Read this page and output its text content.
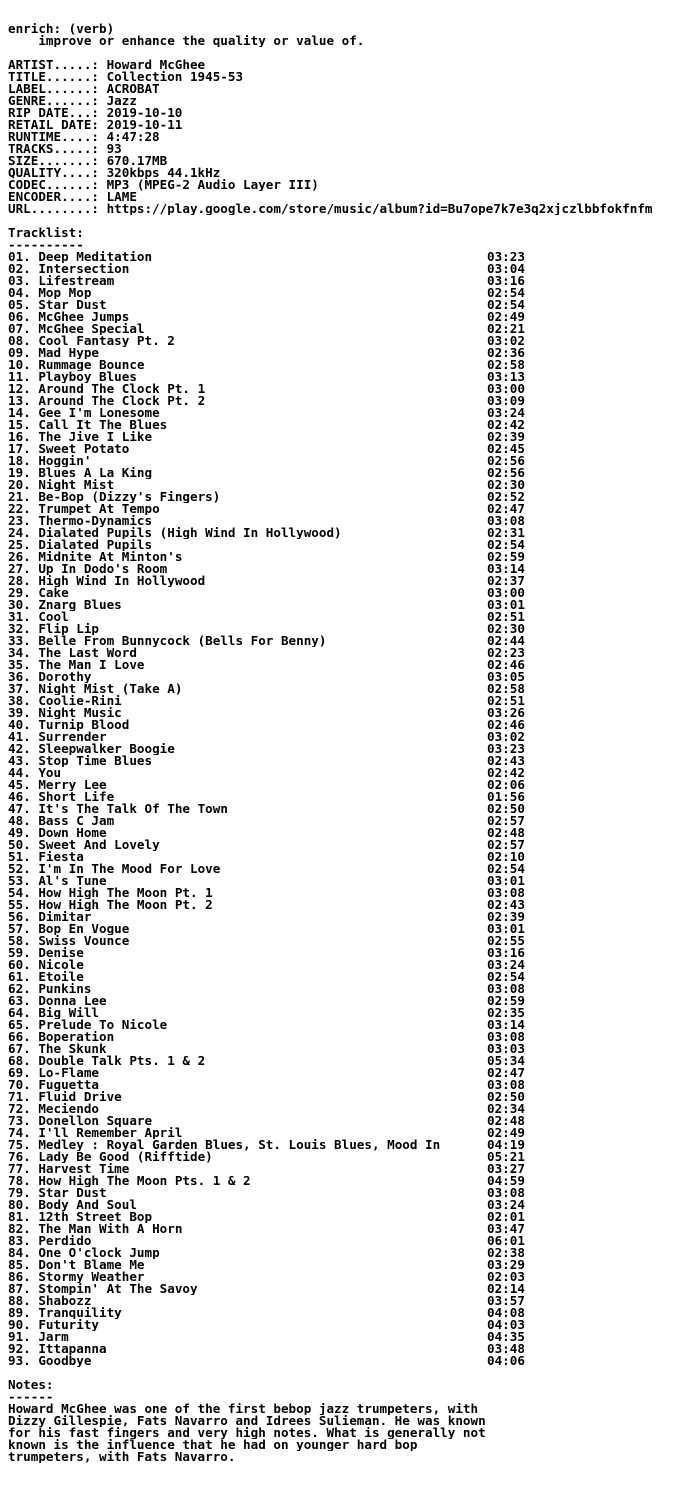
enrich: (verb)
improve or enhance the quality or value of.
ARTIST.....: Howard McGhee
TITLE......: Collection 1945-53
LABEL......: ACROBAT
GENRE......: Jazz
RIP DATE...: 2019-10-10
RETAIL DATE: 2019-10-11
RUNTIME....: 4:47:28
TRACKS.....: 93
SIZE.......: 670.17MB
QUALITY....: 320kbps 44.1kHz
CODEC......: MP3 (MPEG-2 Audio Layer III)
ENCODER....: LAME
URL........: https://play.google.com/store/music/album?id=Bu7ope7k7e3q2xjczlbbfokfnfm
Tracklist:
----------
01. Deep Meditation	03:23
02. Intersection	03:04
03. Lifestream	03:16
04. Mop Mop	02:54
05. Star Dust	02:54
06. McGhee Jumps	02:49
07. McGhee Special	02:21
08. Cool Fantasy Pt. 2	03:02
09. Mad Hype	02:36
10. Rummage Bounce	02:58
11. Playboy Blues	03:13
12. Around The Clock Pt. 1	03:00
13. Around The Clock Pt. 2	03:09
14. Gee I'm Lonesome	03:24
15. Call It The Blues	02:42
16. The Jive I Like	02:39
17. Sweet Potato	02:45
18. Hoggin'	02:56
19. Blues A La King	02:56
20. Night Mist	02:30
21. Be-Bop (Dizzy's Fingers)	02:52
22. Trumpet At Tempo	02:47
23. Thermo-Dynamics	03:08
24. Dialated Pupils (High Wind In Hollywood)	02:31
25. Dialated Pupils	02:54
26. Midnite At Minton's	02:59
27. Up In Dodo's Room	03:14
28. High Wind In Hollywood	02:37
29. Cake	03:00
30. Znarg Blues	03:01
31. Cool	02:51
32. Flip Lip	02:30
33. Belle From Bunnycock (Bells For Benny)	02:44
34. The Last Word	02:23
35. The Man I Love	02:46
36. Dorothy	03:05
37. Night Mist (Take A)	02:58
38. Coolie-Rini	02:51
39. Night Music	03:26
40. Turnip Blood	02:46
41. Surrender	03:02
42. Sleepwalker Boogie	03:23
43. Stop Time Blues	02:43
44. You	02:42
45. Merry Lee	02:06
46. Short Life	01:56
47. It's The Talk Of The Town	02:50
48. Bass C Jam	02:57
49. Down Home	02:48
50. Sweet And Lovely	02:57
51. Fiesta	02:10
52. I'm In The Mood For Love	02:54
53. Al's Tune	03:01
54. How High The Moon Pt. 1	03:08
55. How High The Moon Pt. 2	02:43
56. Dimitar	02:39
57. Bop En Vogue	03:01
58. Swiss Vounce	02:55
59. Denise	03:16
60. Nicole	03:24
61. Etoile	02:54
62. Punkins	03:08
63. Donna Lee	02:59
64. Big Will	02:35
65. Prelude To Nicole	03:14
66. Boperation	03:08
67. The Skunk	03:03
68. Double Talk Pts. 1 & 2	05:34
69. Lo-Flame	02:47
70. Fuguetta	03:08
71. Fluid Drive	02:50
72. Meciendo	02:34
73. Donellon Square	02:48
74. I'll Remember April	02:49
75. Medley : Royal Garden Blues, St. Louis Blues, Mood In	04:19
76. Lady Be Good (Rifftide)	05:21
77. Harvest Time	03:27
78. How High The Moon Pts. 1 & 2	04:59
79. Star Dust	03:08
80. Body And Soul	03:24
81. 12th Street Bop	02:01
82. The Man With A Horn	03:47
83. Perdido	06:01
84. One O'clock Jump	02:38
85. Don't Blame Me	03:29
86. Stormy Weather	02:03
87. Stompin' At The Savoy	02:14
88. Shabozz	03:57
89. Tranquility	04:08
90. Futurity	04:03
91. Jarm	04:35
92. Ittapanna	03:48
93. Goodbye	04:06
Notes:
------
Howard McGhee was one of the first bebop jazz trumpeters, with
Dizzy Gillespie, Fats Navarro and Idrees Sulieman. He was known
for his fast fingers and very high notes. What is generally not
known is the influence that he had on younger hard bop
trumpeters, with Fats Navarro.
